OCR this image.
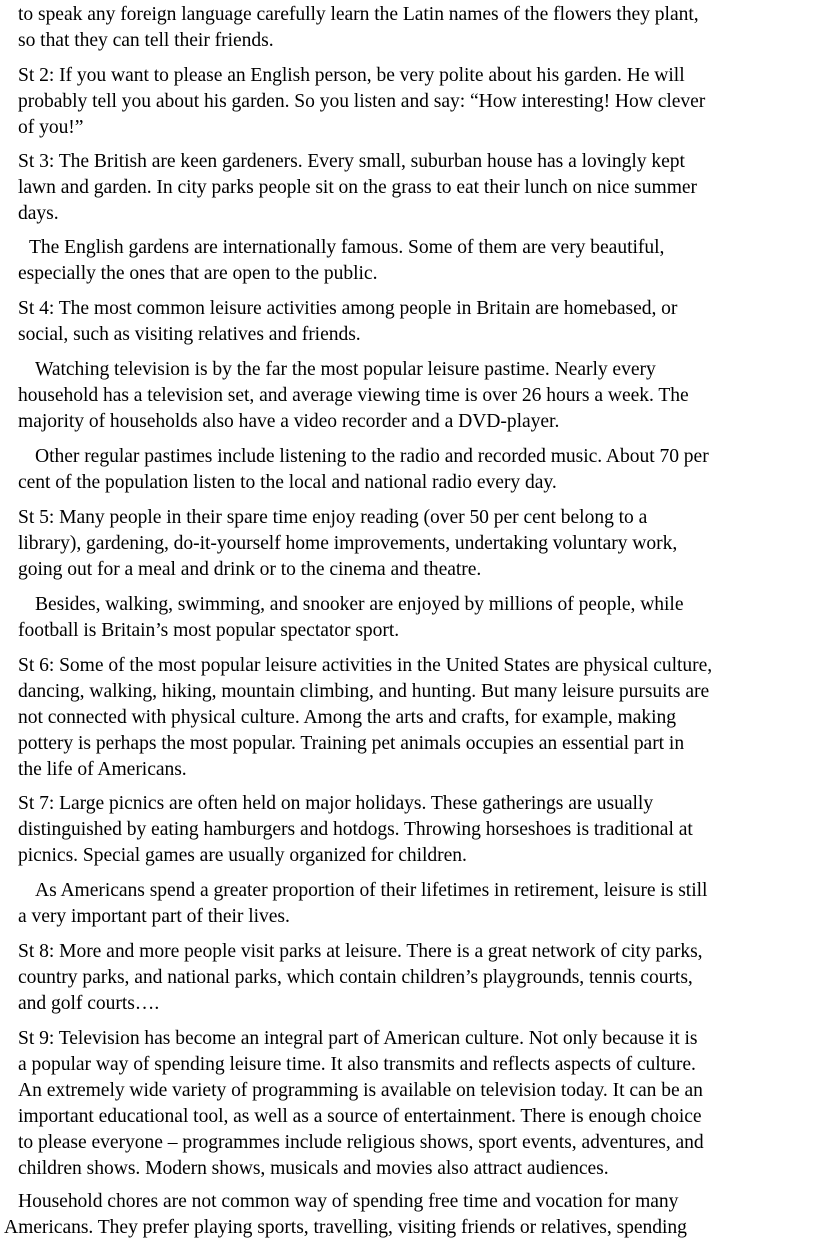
to speak any foreign language carefully learn the Latin names of the flowers they plant,
so that they can tell their friends.

St 2: If you want to please an English person, be very polite about his garden. He will
probably tell you about his garden. So you listen and say: “How interesting! How clever
of you!”

St 3: The British are keen gardeners. Every small, suburban house has a lovingly kept
lawn and garden. In city parks people sit on the grass to eat their lunch on nice summer
days.

The English gardens are internationally famous. Some of them are very beautiful,
especially the ones that are open to the public.

St 4: The most common leisure activities among people in Britain are homebased, or
social, such as visiting relatives and friends.

Watching television is by the far the most popular leisure pastime. Nearly every
household has a television set, and average viewing time is over 26 hours a week. The
majority of households also have a video recorder and a DVD-player.

Other regular pastimes include listening to the radio and recorded music. About 70 per
cent of the population listen to the local and national radio every day.

St 5: Many people in their spare time enjoy reading (over 50 per cent belong to a
library), gardening, do-it-yourself home improvements, undertaking voluntary work,
going out for a meal and drink or to the cinema and theatre.

Besides, walking, swimming, and snooker are enjoyed by millions of people, while
football is Britain’s most popular spectator sport.

St 6: Some of the most popular leisure activities in the United States are physical culture,
dancing, walking, hiking, mountain climbing, and hunting. But many leisure pursuits are
not connected with physical culture. Among the arts and crafts, for example, making
pottery is perhaps the most popular. Training pet animals occupies an essential part in
the life of Americans.

St 7: Large picnics are often held on major holidays. These gatherings are usually
distinguished by eating hamburgers and hotdogs. Throwing horseshoes is traditional at
picnics. Special games are usually organized for children.

As Americans spend a greater proportion of their lifetimes in retirement, leisure is still
a very important part of their lives.

St 8: More and more people visit parks at leisure. There is a great network of city parks,
country parks, and national parks, which contain children’s playgrounds, tennis courts,
and golf courts….

St 9: Television has become an integral part of American culture. Not only because it is
a popular way of spending leisure time. It also transmits and reflects aspects of culture.
An extremely wide variety of programming is available on television today. It can be an
important educational tool, as well as a source of entertainment. There is enough choice
to please everyone – programmes include religious shows, sport events, adventures, and
children shows. Modern shows, musicals and movies also attract audiences.

Household chores are not common way of spending free time and vocation for many
Americans. They prefer playing sports, travelling, visiting friends or relatives, spending
